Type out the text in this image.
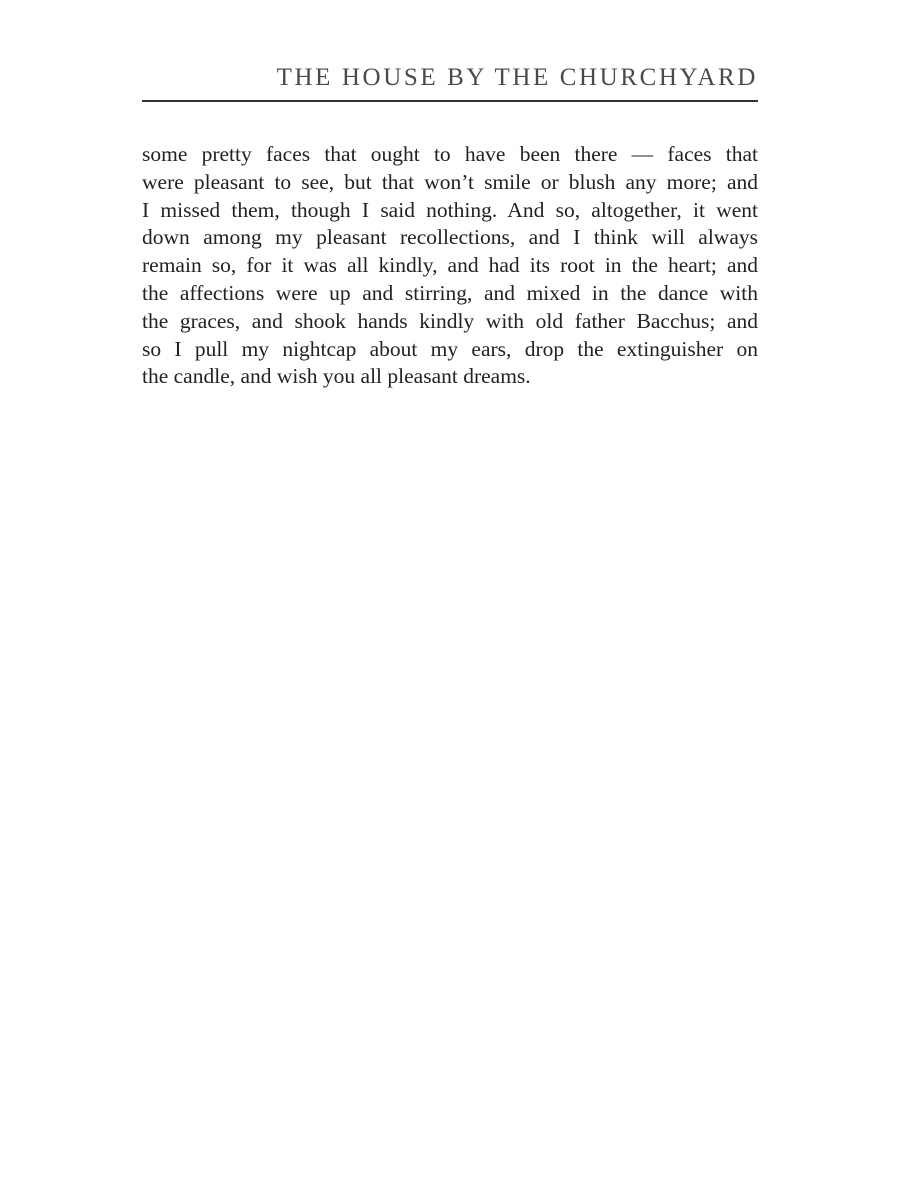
THE HOUSE BY THE CHURCHYARD
some pretty faces that ought to have been there — faces that
were pleasant to see, but that won’t smile or blush any more; and
I missed them, though I said nothing. And so, altogether, it went
down among my pleasant recollections, and I think will always
remain so, for it was all kindly, and had its root in the heart; and
the affections were up and stirring, and mixed in the dance with
the graces, and shook hands kindly with old father Bacchus; and
so I pull my nightcap about my ears, drop the extinguisher on
the candle, and wish you all pleasant dreams.
